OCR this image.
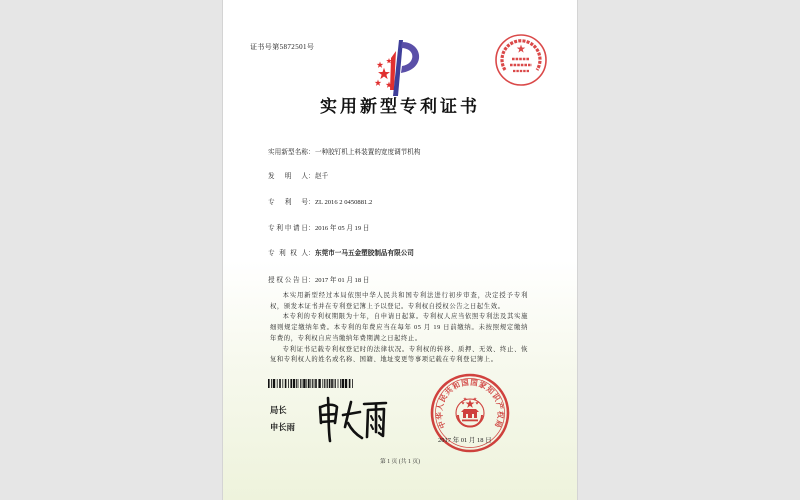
证书号第5872501号
实用新型专利证书
实用新型名称 ： 一种胶钉机上料装置的宽度调节机构
发明人 ： 赵千
专利号 ： ZL 2016 2 0450881.2
专利申请日 ： 2016 年 05 月 19 日
专利权人 ： 东莞市一马五金塑胶制品有限公司
授权公告日 ： 2017 年 01 月 18 日

本实用新型经过本局依照中华人民共和国专利法进行初步审查，决定授予专利权，颁发本证书并在专利登记簿上予以登记。专利权自授权公告之日起生效。

本专利的专利权期限为十年，自申请日起算。专利权人应当依照专利法及其实施细则规定缴纳年费。本专利的年费应当在每年 05 月 19 日前缴纳。未按照规定缴纳年费的，专利权自应当缴纳年费期满之日起终止。

专利证书记载专利权登记时的法律状况。专利权的转移、质押、无效、终止、恢复和专利权人的姓名或名称、国籍、地址变更等事项记载在专利登记簿上。

局长
申长雨
2017 年 01 月 18 日
中华人民共和国国家知识产权局
第 1 页 (共 1 页)
